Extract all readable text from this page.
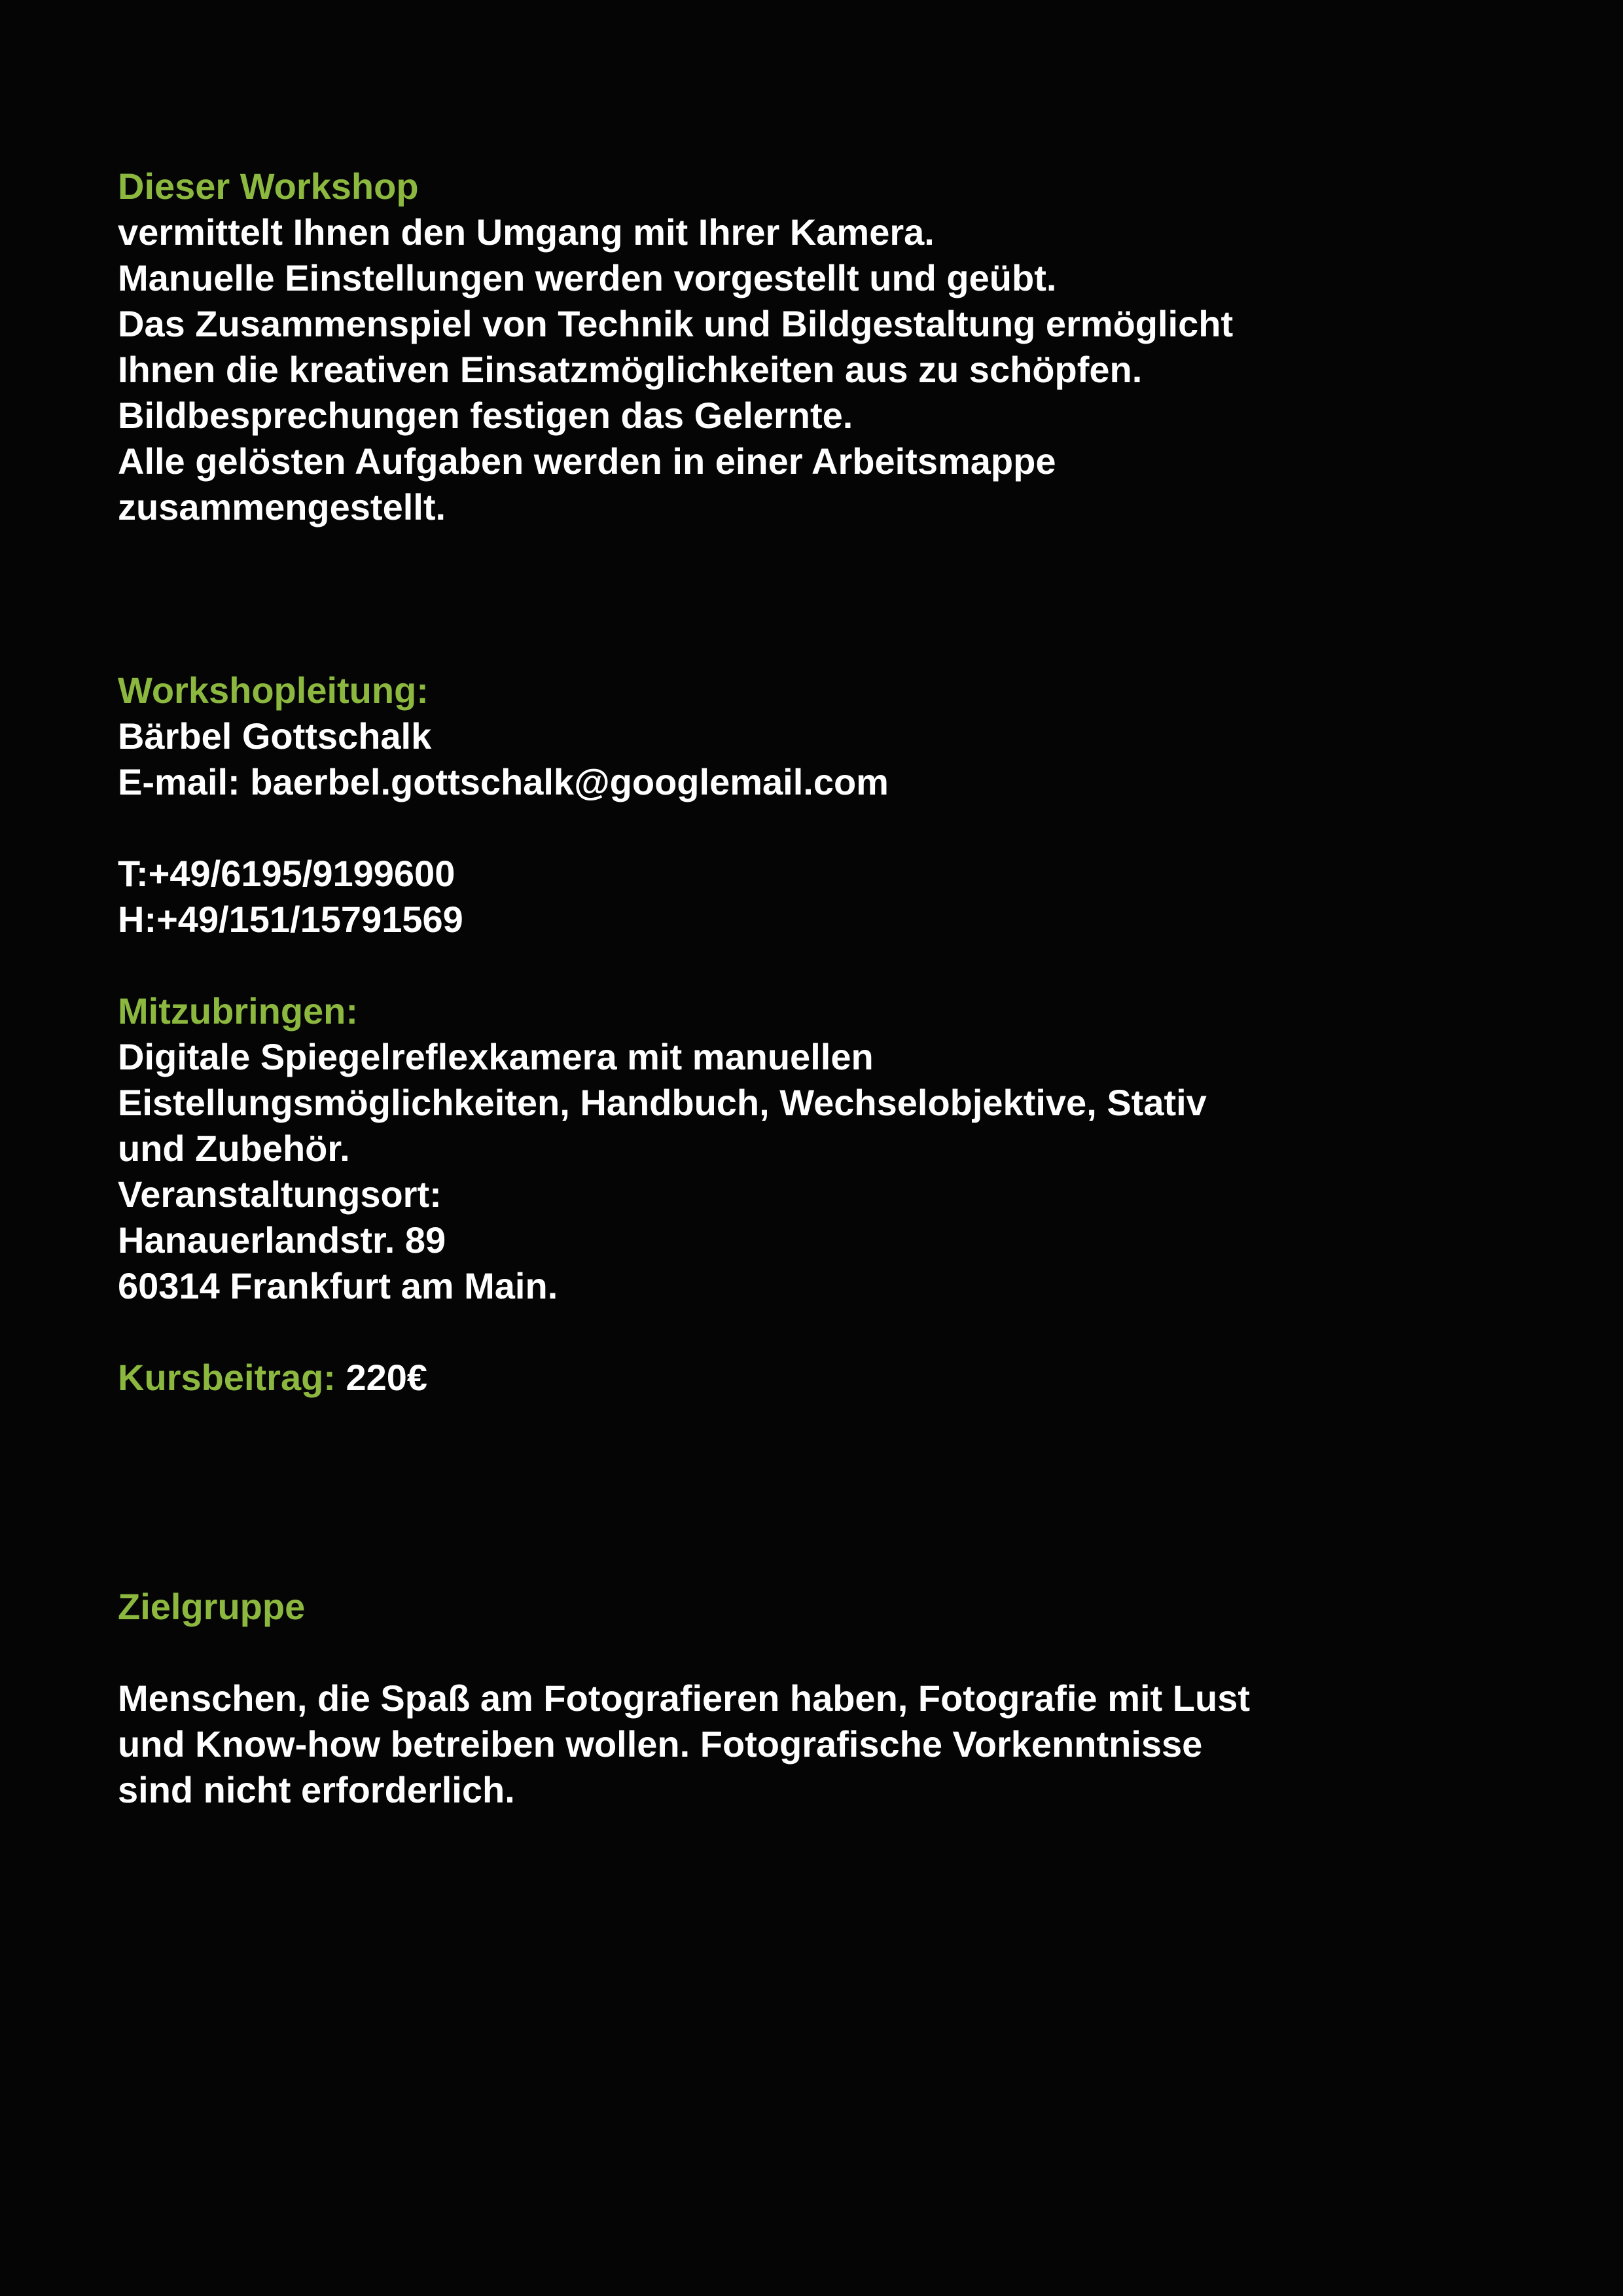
Dieser Workshop

vermittelt Ihnen den Umgang mit Ihrer Kamera.

Manuelle Einstellungen werden vorgestellt und geübt.

Das Zusammenspiel von Technik und Bildgestaltung ermöglicht

Ihnen die kreativen Einsatzmöglichkeiten aus zu schöpfen.

Bildbesprechungen festigen das Gelernte.

Alle gelösten Aufgaben werden in einer Arbeitsmappe

zusammengestellt.

Workshopleitung:

Bärbel Gottschalk

E-mail: baerbel.gottschalk@googlemail.com

T:+49/6195/9199600

H:+49/151/15791569

Mitzubringen:

Digitale Spiegelreflexkamera mit manuellen

Eistellungsmöglichkeiten, Handbuch, Wechselobjektive, Stativ

und Zubehör.

Veranstaltungsort:

Hanauerlandstr. 89

60314 Frankfurt am Main.

Kursbeitrag: 220€

Zielgruppe

Menschen, die Spaß am Fotografieren haben, Fotografie mit Lust

und Know-how betreiben wollen. Fotografische Vorkenntnisse

sind nicht erforderlich.
